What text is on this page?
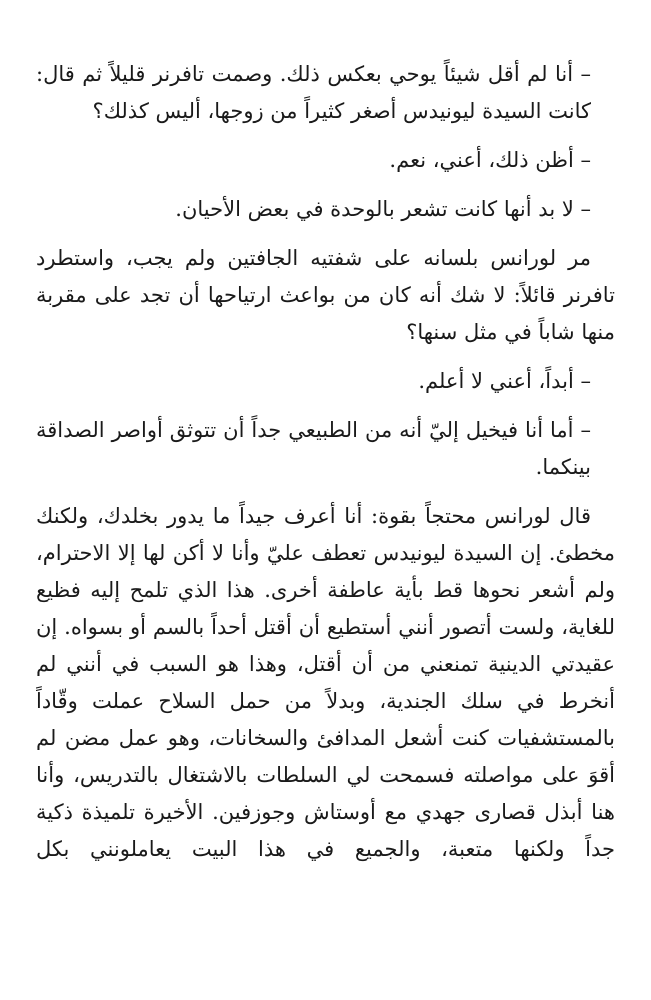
– أنا لم أقل شيئاً يوحي بعكس ذلك. وصمت تافرنر قليلاً ثم قال: كانت السيدة ليونيدس أصغر كثيراً من زوجها، أليس كذلك؟

– أظن ذلك، أعني، نعم.

– لا بد أنها كانت تشعر بالوحدة في بعض الأحيان.

مر لورانس بلسانه على شفتيه الجافتين ولم يجب، واستطرد تافرنر قائلاً: لا شك أنه كان من بواعث ارتياحها أن تجد على مقربة منها شاباً في مثل سنها؟

– أبداً، أعني لا أعلم.

– أما أنا فيخيل إليّ أنه من الطبيعي جداً أن تتوثق أواصر الصداقة بينكما.

قال لورانس محتجاً بقوة: أنا أعرف جيداً ما يدور بخلدك، ولكنك مخطئ. إن السيدة ليونيدس تعطف عليّ وأنا لا أكن لها إلا الاحترام، ولم أشعر نحوها قط بأية عاطفة أخرى. هذا الذي تلمح إليه فظيع للغاية، ولست أتصور أنني أستطيع أن أقتل أحداً بالسم أو بسواه. إن عقيدتي الدينية تمنعني من أن أقتل، وهذا هو السبب في أنني لم أنخرط في سلك الجندية، وبدلاً من حمل السلاح عملت وقّاداً بالمستشفيات كنت أشعل المدافئ والسخانات، وهو عمل مضن لم أقوَ على مواصلته فسمحت لي السلطات بالاشتغال بالتدريس، وأنا هنا أبذل قصارى جهدي مع أوستاش وجوزفين. الأخيرة تلميذة ذكية جداً ولكنها متعبة، والجميع في هذا البيت يعاملونني بكل
